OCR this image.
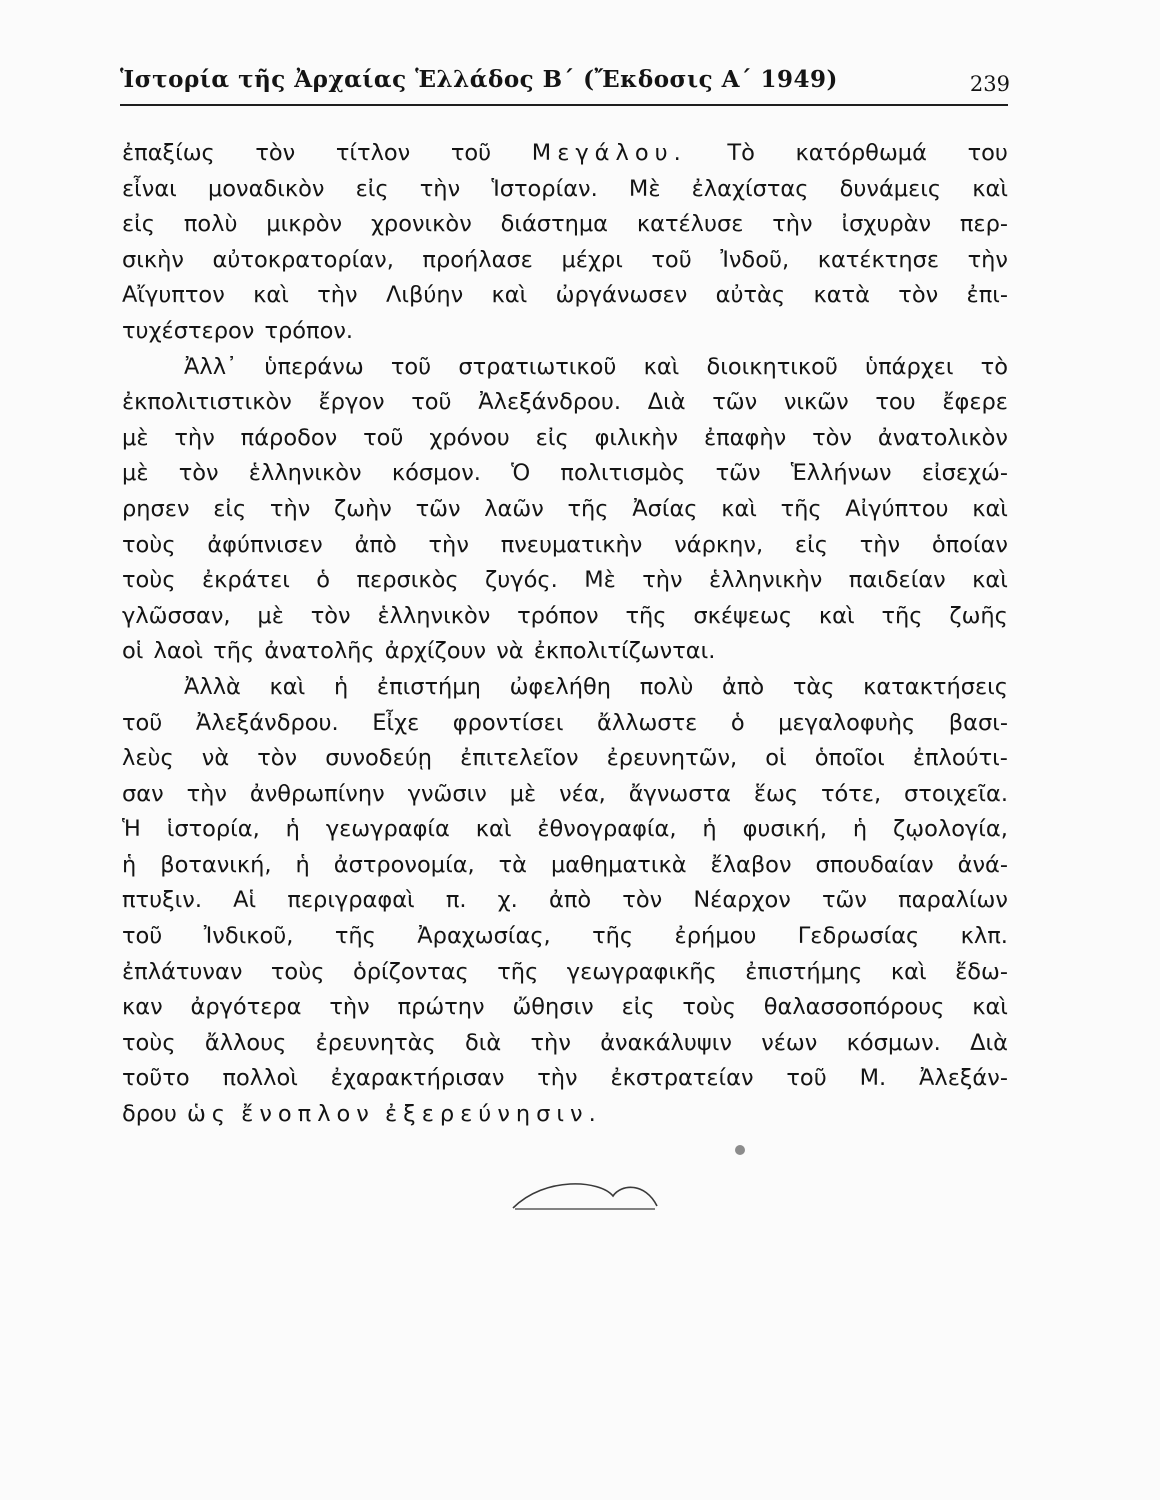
Ἱστορία τῆς Ἀρχαίας Ἑλλάδος Β΄ (Ἔκδοσις Α΄ 1949)	239
ἐπαξίως τὸν τίτλον τοῦ Μεγάλου. Τὸ κατόρθωμά του
εἶναι μοναδικὸν εἰς τὴν Ἱστορίαν. Μὲ ἐλαχίστας δυνάμεις καὶ
εἰς πολὺ μικρὸν χρονικὸν διάστημα κατέλυσε τὴν ἰσχυρὰν περ-
σικὴν αὐτοκρατορίαν, προήλασε μέχρι τοῦ Ἰνδοῦ, κατέκτησε τὴν
Αἴγυπτον καὶ τὴν Λιβύην καὶ ὠργάνωσεν αὐτὰς κατὰ τὸν ἐπι-
τυχέστερον τρόπον.
Ἀλλ᾿ ὑπεράνω τοῦ στρατιωτικοῦ καὶ διοικητικοῦ ὑπάρχει τὸ
ἐκπολιτιστικὸν ἔργον τοῦ Ἀλεξάνδρου. Διὰ τῶν νικῶν του ἔφερε
μὲ τὴν πάροδον τοῦ χρόνου εἰς φιλικὴν ἐπαφὴν τὸν ἀνατολικὸν
μὲ τὸν ἑλληνικὸν κόσμον. Ὁ πολιτισμὸς τῶν Ἑλλήνων εἰσεχώ-
ρησεν εἰς τὴν ζωὴν τῶν λαῶν τῆς Ἀσίας καὶ τῆς Αἰγύπτου καὶ
τοὺς ἀφύπνισεν ἀπὸ τὴν πνευματικὴν νάρκην, εἰς τὴν ὁποίαν
τοὺς ἐκράτει ὁ περσικὸς ζυγός. Μὲ τὴν ἑλληνικὴν παιδείαν καὶ
γλῶσσαν, μὲ τὸν ἑλληνικὸν τρόπον τῆς σκέψεως καὶ τῆς ζωῆς
οἱ λαοὶ τῆς ἀνατολῆς ἀρχίζουν νὰ ἐκπολιτίζωνται.
Ἀλλὰ καὶ ἡ ἐπιστήμη ὠφελήθη πολὺ ἀπὸ τὰς κατακτήσεις
τοῦ Ἀλεξάνδρου. Εἶχε φροντίσει ἄλλωστε ὁ μεγαλοφυὴς βασι-
λεὺς νὰ τὸν συνοδεύῃ ἐπιτελεῖον ἐρευνητῶν, οἱ ὁποῖοι ἐπλούτι-
σαν τὴν ἀνθρωπίνην γνῶσιν μὲ νέα, ἄγνωστα ἕως τότε, στοιχεῖα.
Ἡ ἱστορία, ἡ γεωγραφία καὶ ἐθνογραφία, ἡ φυσική, ἡ ζῳολογία,
ἡ βοτανική, ἡ ἀστρονομία, τὰ μαθηματικὰ ἔλαβον σπουδαίαν ἀνά-
πτυξιν. Αἱ περιγραφαὶ π. χ. ἀπὸ τὸν Νέαρχον τῶν παραλίων
τοῦ Ἰνδικοῦ, τῆς Ἀραχωσίας, τῆς ἐρήμου Γεδρωσίας κλπ.
ἐπλάτυναν τοὺς ὁρίζοντας τῆς γεωγραφικῆς ἐπιστήμης καὶ ἔδω-
καν ἀργότερα τὴν πρώτην ὤθησιν εἰς τοὺς θαλασσοπόρους καὶ
τοὺς ἄλλους ἐρευνητὰς διὰ τὴν ἀνακάλυψιν νέων κόσμων. Διὰ
τοῦτο πολλοὶ ἐχαρακτήρισαν τὴν ἐκστρατείαν τοῦ Μ. Ἀλεξάν-
δρου ὡς ἔνοπλον ἐξερεύνησιν.
